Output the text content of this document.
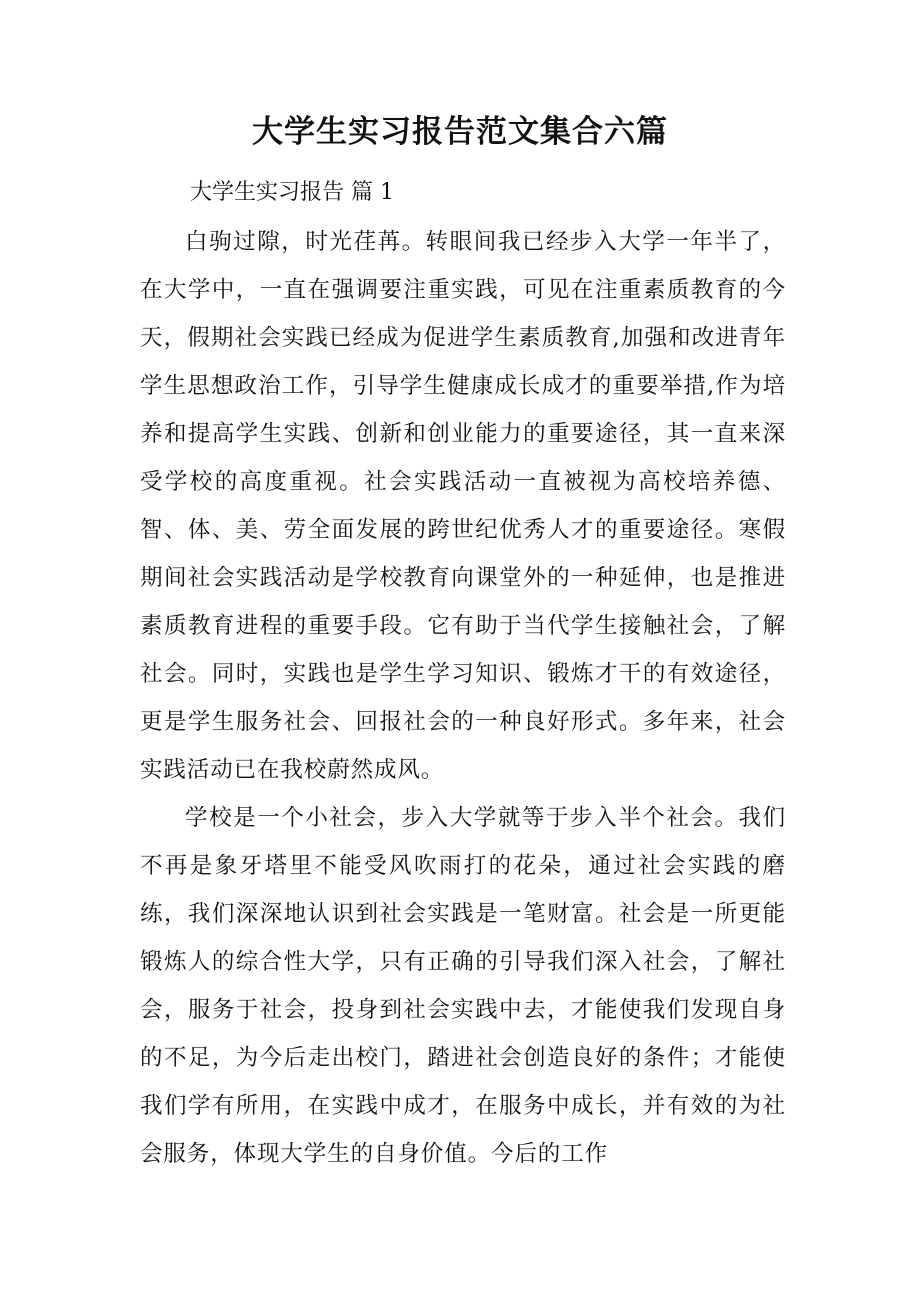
大学生实习报告范文集合六篇

大学生实习报告 篇 1

白驹过隙，时光荏苒。转眼间我已经步入大学一年半了，在大学中，一直在强调要注重实践，可见在注重素质教育的今天，假期社会实践已经成为促进学生素质教育,加强和改进青年学生思想政治工作，引导学生健康成长成才的重要举措,作为培养和提高学生实践、创新和创业能力的重要途径，其一直来深受学校的高度重视。社会实践活动一直被视为高校培养德、智、体、美、劳全面发展的跨世纪优秀人才的重要途径。寒假期间社会实践活动是学校教育向课堂外的一种延伸，也是推进素质教育进程的重要手段。它有助于当代学生接触社会，了解社会。同时，实践也是学生学习知识、锻炼才干的有效途径，更是学生服务社会、回报社会的一种良好形式。多年来，社会实践活动已在我校蔚然成风。

学校是一个小社会，步入大学就等于步入半个社会。我们不再是象牙塔里不能受风吹雨打的花朵，通过社会实践的磨练，我们深深地认识到社会实践是一笔财富。社会是一所更能锻炼人的综合性大学，只有正确的引导我们深入社会，了解社会，服务于社会，投身到社会实践中去，才能使我们发现自身的不足，为今后走出校门，踏进社会创造良好的条件；才能使我们学有所用，在实践中成才，在服务中成长，并有效的为社会服务，体现大学生的自身价值。今后的工作
